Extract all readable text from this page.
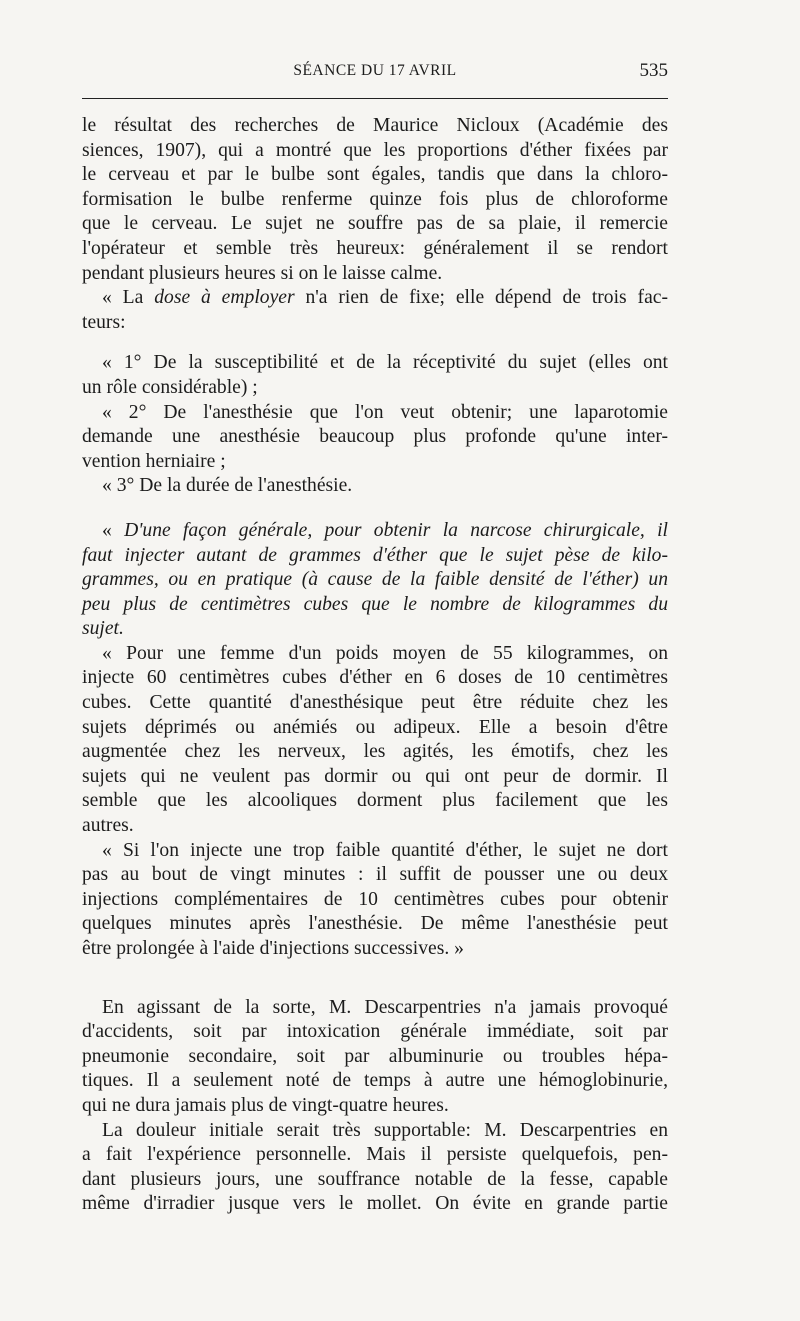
SÉANCE DU 17 AVRIL	535
le résultat des recherches de Maurice Nicloux (Académie des
siences, 1907), qui a montré que les proportions d'éther fixées par
le cerveau et par le bulbe sont égales, tandis que dans la chloro-
formisation le bulbe renferme quinze fois plus de chloroforme
que le cerveau. Le sujet ne souffre pas de sa plaie, il remercie
l'opérateur et semble très heureux: généralement il se rendort
pendant plusieurs heures si on le laisse calme.
« La dose à employer n'a rien de fixe; elle dépend de trois fac-
teurs:
« 1° De la susceptibilité et de la réceptivité du sujet (elles ont
un rôle considérable) ;
« 2° De l'anesthésie que l'on veut obtenir; une laparotomie
demande une anesthésie beaucoup plus profonde qu'une inter-
vention herniaire ;
« 3° De la durée de l'anesthésie.
« D'une façon générale, pour obtenir la narcose chirurgicale, il
faut injecter autant de grammes d'éther que le sujet pèse de kilo-
grammes, ou en pratique (à cause de la faible densité de l'éther) un
peu plus de centimètres cubes que le nombre de kilogrammes du
sujet.
« Pour une femme d'un poids moyen de 55 kilogrammes, on
injecte 60 centimètres cubes d'éther en 6 doses de 10 centimètres
cubes. Cette quantité d'anesthésique peut être réduite chez les
sujets déprimés ou anémiés ou adipeux. Elle a besoin d'être
augmentée chez les nerveux, les agités, les émotifs, chez les
sujets qui ne veulent pas dormir ou qui ont peur de dormir. Il
semble que les alcooliques dorment plus facilement que les
autres.
« Si l'on injecte une trop faible quantité d'éther, le sujet ne dort
pas au bout de vingt minutes : il suffit de pousser une ou deux
injections complémentaires de 10 centimètres cubes pour obtenir
quelques minutes après l'anesthésie. De même l'anesthésie peut
être prolongée à l'aide d'injections successives. »
En agissant de la sorte, M. Descarpentries n'a jamais provoqué
d'accidents, soit par intoxication générale immédiate, soit par
pneumonie secondaire, soit par albuminurie ou troubles hépa-
tiques. Il a seulement noté de temps à autre une hémoglobinurie,
qui ne dura jamais plus de vingt-quatre heures.
La douleur initiale serait très supportable: M. Descarpentries en
a fait l'expérience personnelle. Mais il persiste quelquefois, pen-
dant plusieurs jours, une souffrance notable de la fesse, capable
même d'irradier jusque vers le mollet. On évite en grande partie
